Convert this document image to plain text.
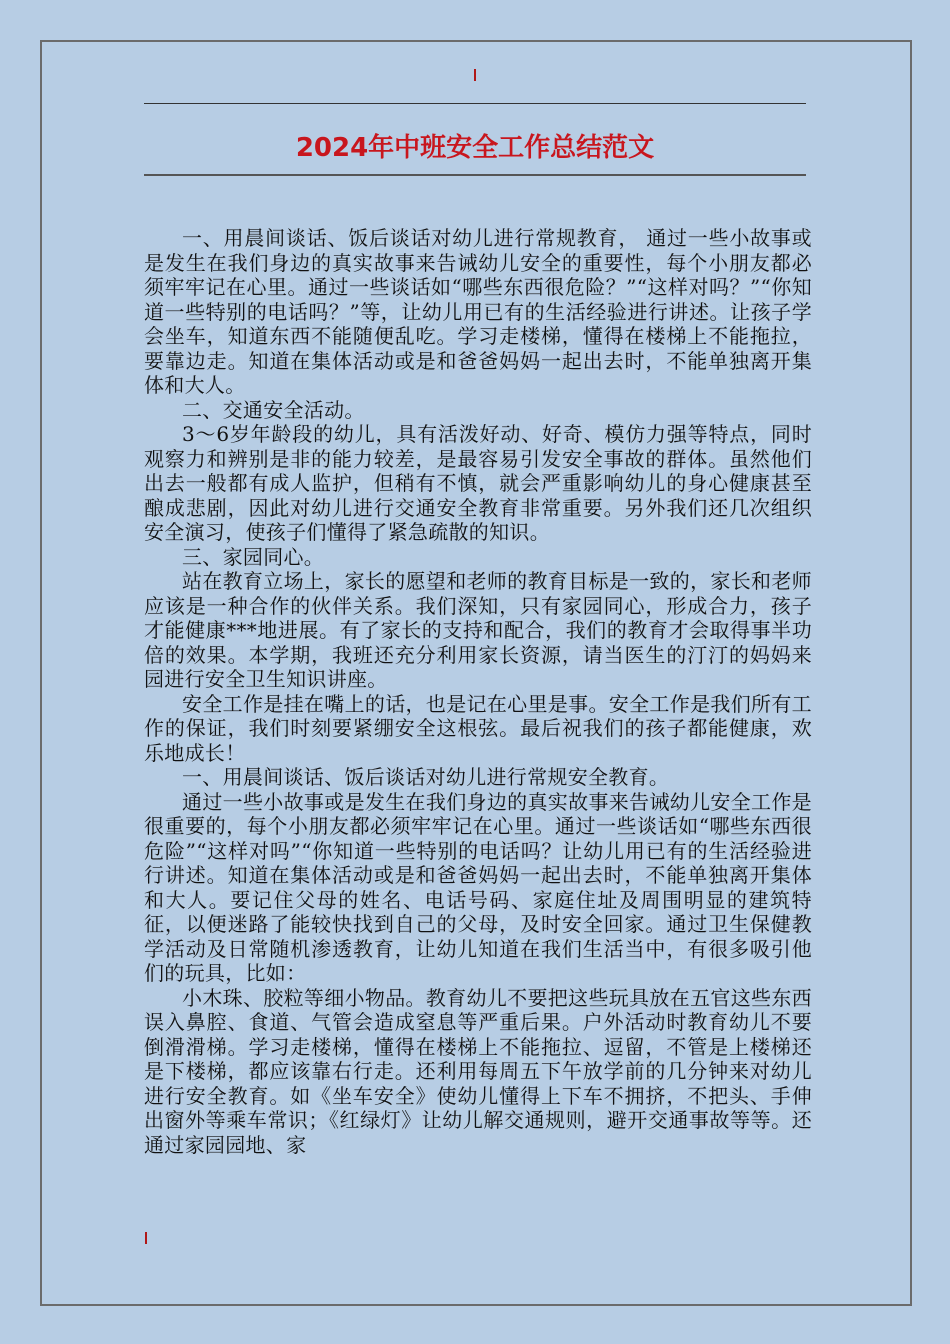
2024年中班安全工作总结范文

一、用晨间谈话、饭后谈话对幼儿进行常规教育， 通过一些小故事或是发生在我们身边的真实故事来告诫幼儿安全的重要性，每个小朋友都必须牢牢记在心里。通过一些谈话如“哪些东西很危险？”“这样对吗？”“你知道一些特别的电话吗？”等，让幼儿用已有的生活经验进行讲述。让孩子学会坐车，知道东西不能随便乱吃。学习走楼梯，懂得在楼梯上不能拖拉，要靠边走。知道在集体活动或是和爸爸妈妈一起出去时，不能单独离开集体和大人。

二、交通安全活动。

3～6岁年龄段的幼儿，具有活泼好动、好奇、模仿力强等特点，同时观察力和辨别是非的能力较差，是最容易引发安全事故的群体。虽然他们出去一般都有成人监护，但稍有不慎，就会严重影响幼儿的身心健康甚至酿成悲剧，因此对幼儿进行交通安全教育非常重要。另外我们还几次组织安全演习，使孩子们懂得了紧急疏散的知识。

三、家园同心。

站在教育立场上，家长的愿望和老师的教育目标是一致的，家长和老师应该是一种合作的伙伴关系。我们深知，只有家园同心，形成合力，孩子才能健康***地进展。有了家长的支持和配合，我们的教育才会取得事半功倍的效果。本学期，我班还充分利用家长资源，请当医生的汀汀的妈妈来园进行安全卫生知识讲座。

安全工作是挂在嘴上的话，也是记在心里是事。安全工作是我们所有工作的保证，我们时刻要紧绷安全这根弦。最后祝我们的孩子都能健康，欢乐地成长！

一、用晨间谈话、饭后谈话对幼儿进行常规安全教育。

通过一些小故事或是发生在我们身边的真实故事来告诫幼儿安全工作是很重要的，每个小朋友都必须牢牢记在心里。通过一些谈话如“哪些东西很危险”“这样对吗”“你知道一些特别的电话吗？让幼儿用已有的生活经验进行讲述。知道在集体活动或是和爸爸妈妈一起出去时，不能单独离开集体和大人。要记住父母的姓名、电话号码、家庭住址及周围明显的建筑特征，以便迷路了能较快找到自己的父母，及时安全回家。通过卫生保健教学活动及日常随机渗透教育，让幼儿知道在我们生活当中，有很多吸引他们的玩具，比如：

小木珠、胶粒等细小物品。教育幼儿不要把这些玩具放在五官这些东西误入鼻腔、食道、气管会造成窒息等严重后果。户外活动时教育幼儿不要倒滑滑梯。学习走楼梯，懂得在楼梯上不能拖拉、逗留，不管是上楼梯还是下楼梯，都应该靠右行走。还利用每周五下午放学前的几分钟来对幼儿进行安全教育。如《坐车安全》使幼儿懂得上下车不拥挤，不把头、手伸出窗外等乘车常识；《红绿灯》让幼儿解交通规则，避开交通事故等等。还通过家园园地、家
